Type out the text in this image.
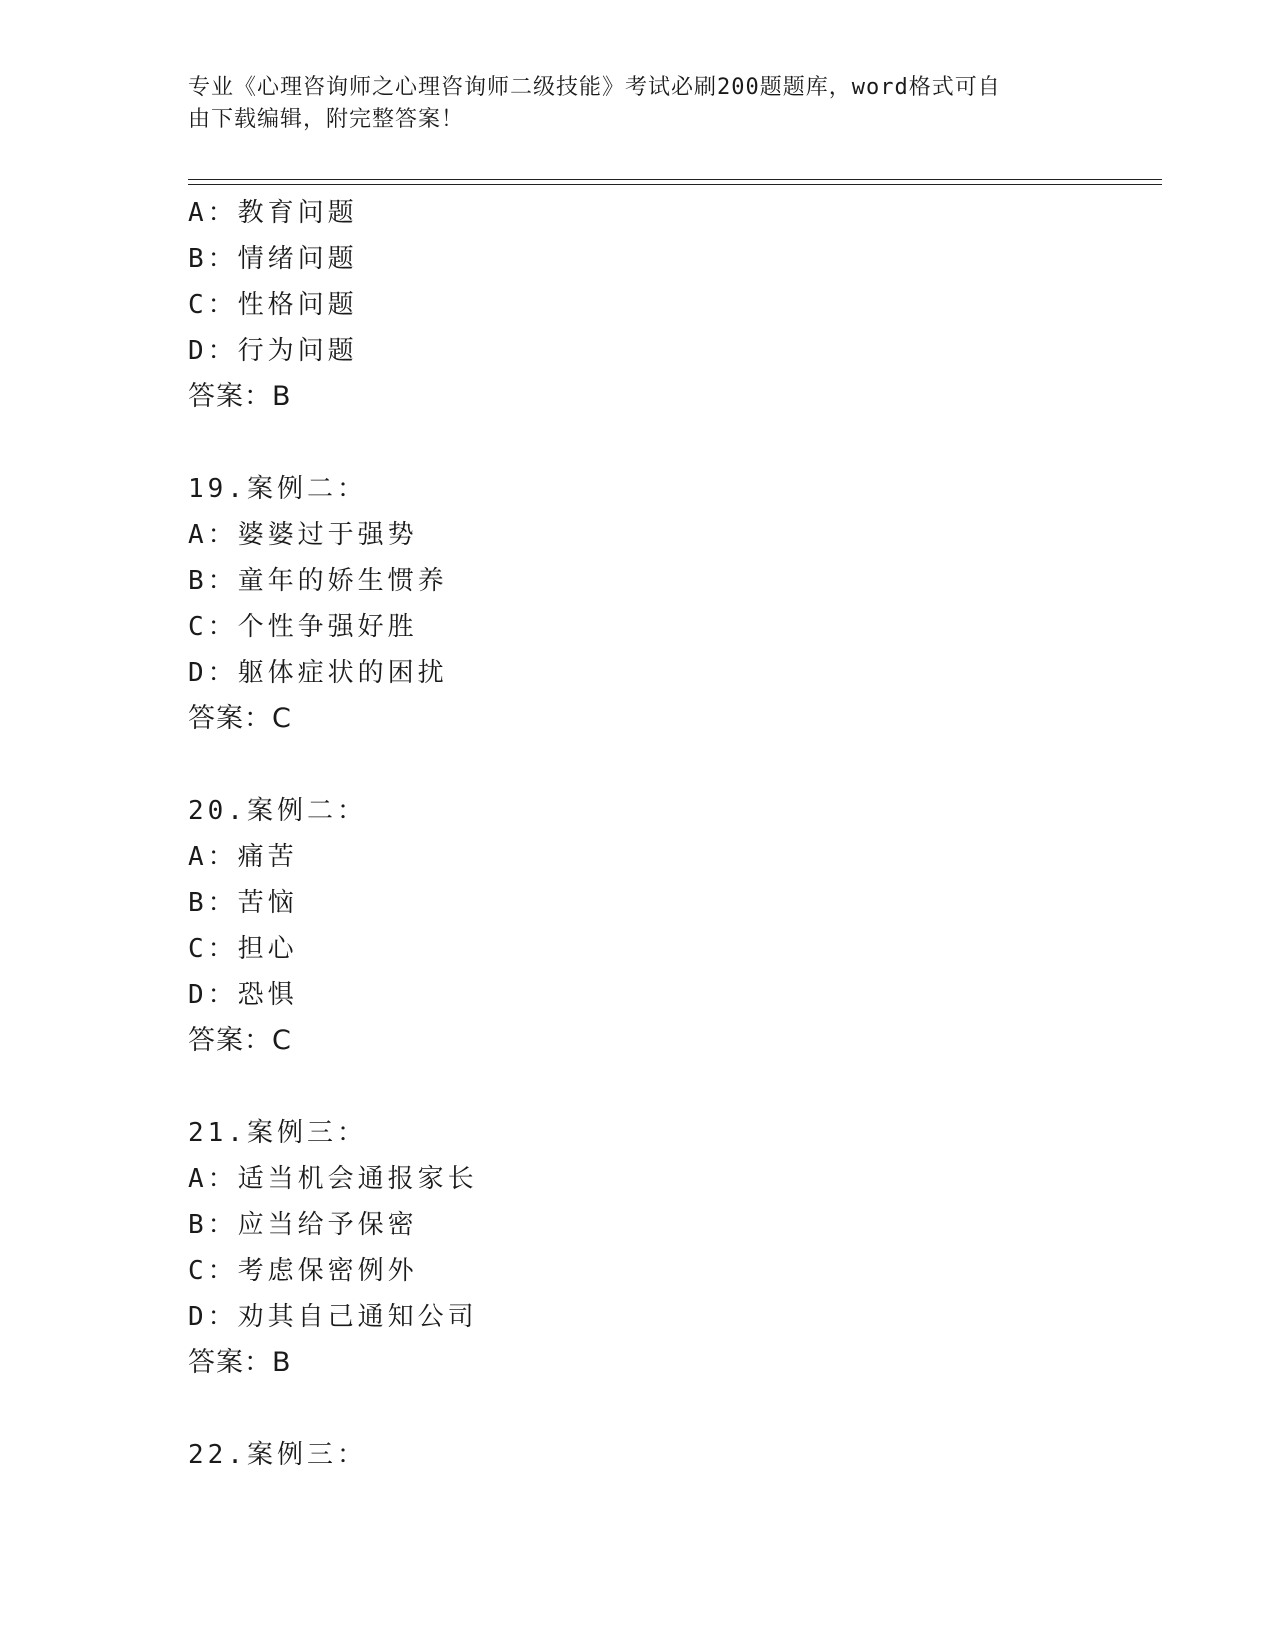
专业《心理咨询师之心理咨询师二级技能》考试必刷200题题库，word格式可自

由下载编辑，附完整答案！

A：教育问题
B：情绪问题
C：性格问题
D：行为问题
答案：B
19.案例二：
A：婆婆过于强势
B：童年的娇生惯养
C：个性争强好胜
D：躯体症状的困扰
答案：C
20.案例二：
A：痛苦
B：苦恼
C：担心
D：恐惧
答案：C
21.案例三：
A：适当机会通报家长
B：应当给予保密
C：考虑保密例外
D：劝其自己通知公司
答案：B
22.案例三：
